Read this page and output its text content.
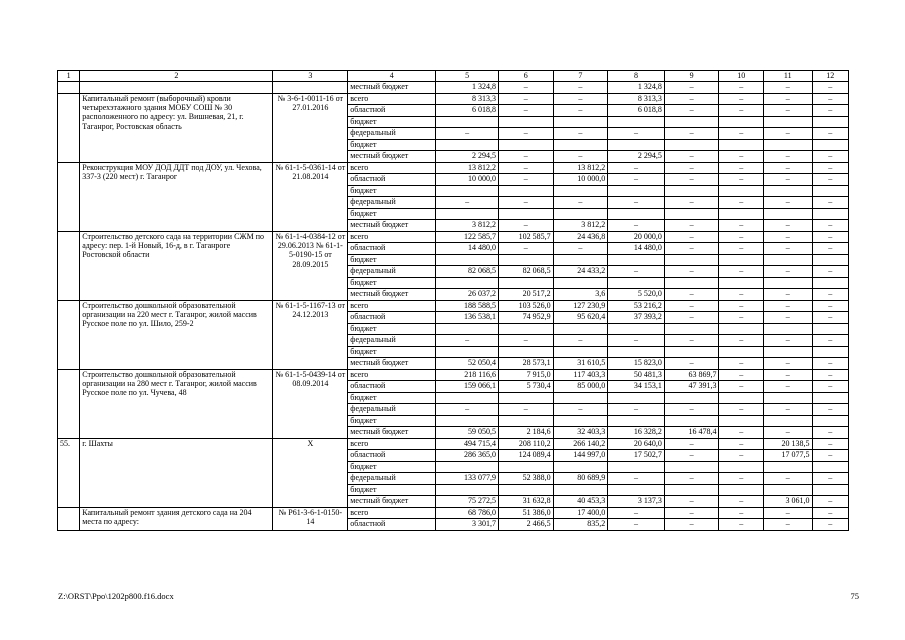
1	2	3	4	5	6	7	8	9	10	11	12
			местный бюджет	1 324,8	–	–	1 324,8	–	–	–	–
	Капитальный ремонт (выборочный) кровли четырехэтажного здания МОБУ СОШ № 30 расположенного по адресу: ул. Вишневая, 21, г. Таганрог, Ростовская область	№ 3-6-1-0011-16 от 27.01.2016	всего	8 313,3	–	–	8 313,3	–	–	–	–
			областной	6 018,8	–	–	6 018,8	–	–	–	–
			бюджет								
			федеральный	–	–	–	–	–	–	–	–
			бюджет								
			местный бюджет	2 294,5	–	–	2 294,5	–	–	–	–
	Реконструкция МОУ ДОД ДДТ под ДОУ, ул. Чехова, 337-3 (220 мест) г. Таганрог	№ 61-1-5-0361-14 от 21.08.2014	всего	13 812,2	–	13 812,2	–	–	–	–	–
			областной	10 000,0	–	10 000,0	–	–	–	–	–
			бюджет								
			федеральный	–	–	–	–	–	–	–	–
			бюджет								
			местный бюджет	3 812,2	–	3 812,2	–	–	–	–	–
	Строительство детского сада на территории СЖМ по адресу: пер. 1-й Новый, 16-д, в г. Таганроге Ростовской области	№ 61-1-4-0384-12 от 29.06.2013 № 61-1-5-0190-15 от 28.09.2015	всего	122 585,7	102 585,7	24 436,8	20 000,0	–	–	–	–
			областной	14 480,0	–	–	14 480,0	–	–	–	–
			бюджет								
			федеральный	82 068,5	82 068,5	24 433,2	–	–	–	–	–
			бюджет								
			местный бюджет	26 037,2	20 517,2	3,6	5 520,0	–	–	–	–
	Строительство дошкольной образовательной организации на 220 мест г. Таганрог, жилой массив Русское поле по ул. Шило, 259-2	№ 61-1-5-1167-13 от 24.12.2013	всего	188 588,5	103 526,0	127 230,9	53 216,2	–	–	–	–
			областной	136 538,1	74 952,9	95 620,4	37 393,2	–	–	–	–
			бюджет								
			федеральный	–	–	–	–	–	–	–	–
			бюджет								
			местный бюджет	52 050,4	28 573,1	31 610,5	15 823,0	–	–	–	–
	Строительство дошкольной образовательной организации на 280 мест г. Таганрог, жилой массив Русское поле по ул. Чучева, 48	№ 61-1-5-0439-14 от 08.09.2014	всего	218 116,6	7 915,0	117 403,3	50 481,3	63 869,7	–	–	–
			областной	159 066,1	5 730,4	85 000,0	34 153,1	47 391,3	–	–	–
			бюджет								
			федеральный	–	–	–	–	–	–	–	–
			бюджет								
			местный бюджет	59 050,5	2 184,6	32 403,3	16 328,2	16 478,4	–	–	–
55.	г. Шахты	Х	всего	494 715,4	208 110,2	266 140,2	20 640,0	–	–	20 138,5	–
			областной	286 365,0	124 089,4	144 997,0	17 502,7	–	–	17 077,5	–
			бюджет								
			федеральный	133 077,9	52 388,0	80 689,9	–	–	–	–	–
			бюджет								
			местный бюджет	75 272,5	31 632,8	40 453,3	3 137,3	–	–	3 061,0	–
	Капитальный ремонт здания детского сада на 204 места по адресу:	№ Р61-3-6-1-0150-14	всего	68 786,0	51 386,0	17 400,0	–	–	–	–	–
			областной	3 301,7	2 466,5	835,2	–	–	–	–	–
Z:\ORST\Ppo\1202p800.f16.docx	75
